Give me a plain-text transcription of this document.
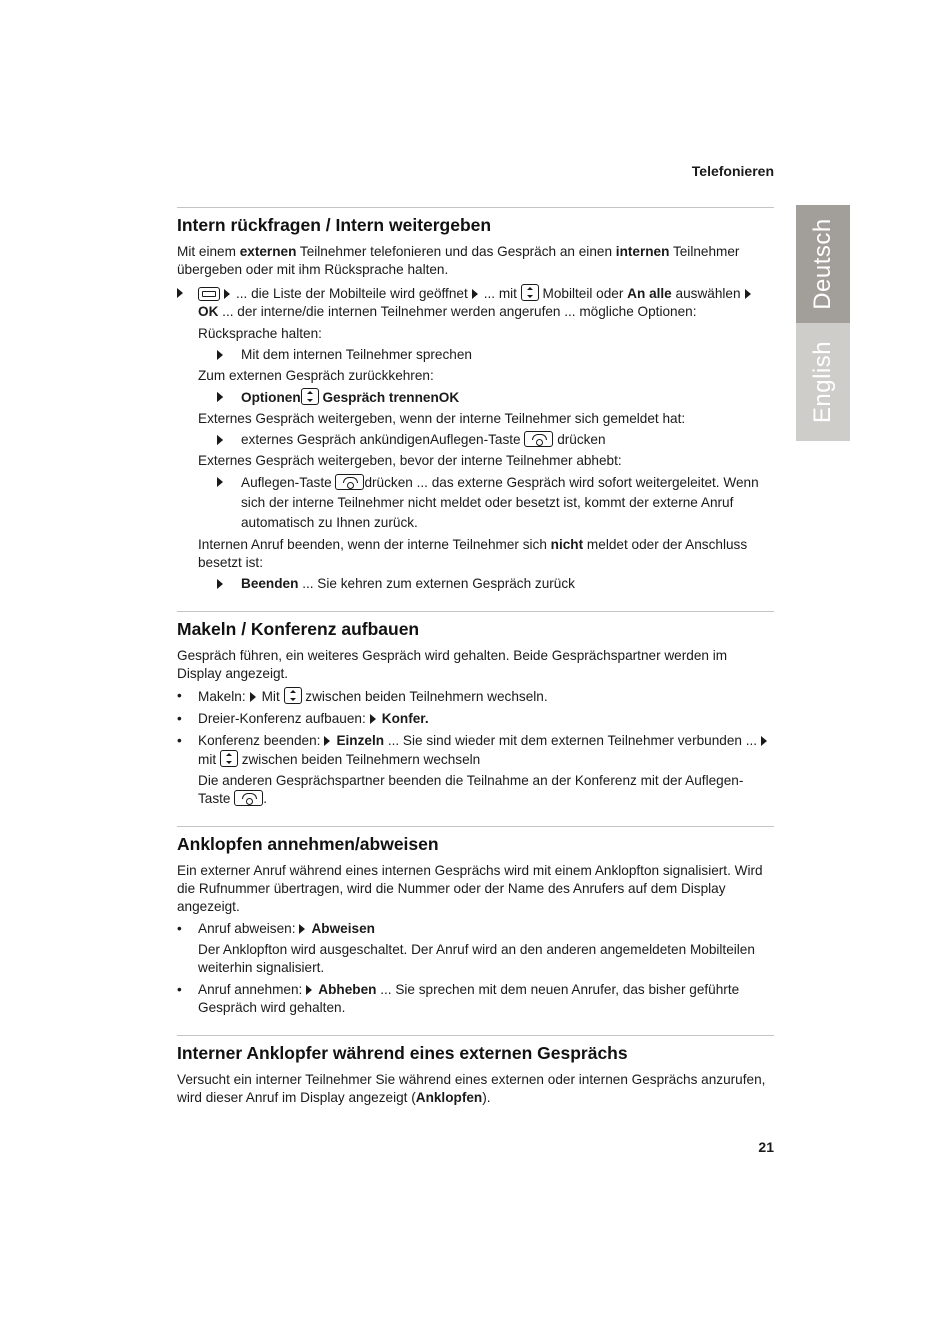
Telefonieren
Intern rückfragen / Intern weitergeben

Mit einem externen Teilnehmer telefonieren und das Gespräch an einen internen Teilnehmer übergeben oder mit ihm Rücksprache halten.

... die Liste der Mobilteile wird geöffnet ... mit Mobilteil oder An alle auswählenOK ... der interne/die internen Teilnehmer werden angerufen ... mögliche Optionen:

Rücksprache halten:

Mit dem internen Teilnehmer sprechen

Zum externen Gespräch zurückkehren:

Optionen Gespräch trennen
OK

Externes Gespräch weitergeben, wenn der interne Teilnehmer sich gemeldet hat:

externes Gespräch ankündigen
Auflegen-Taste	drücken

Externes Gespräch weitergeben, bevor der interne Teilnehmer abhebt:

Auflegen-Taste drücken ... das externe Gespräch wird sofort weitergeleitet. Wenn sich der interne Teilnehmer nicht meldet oder besetzt ist, kommt der externe Anruf automatisch zu Ihnen zurück.

Internen Anruf beenden, wenn der interne Teilnehmer sich nicht meldet oder der Anschluss besetzt ist:

Beenden ... Sie kehren zum externen Gespräch zurück

Makeln / Konferenz aufbauen

Gespräch führen, ein weiteres Gespräch wird gehalten. Beide Gesprächspartner werden im Display angezeigt.

• Makeln: Mit zwischen beiden Teilnehmern wechseln.

• Dreier-Konferenz aufbauen: Konfer.

• Konferenz beenden: Einzeln ... Sie sind wieder mit dem externen Teilnehmer verbunden ...mit zwischen beiden Teilnehmern wechseln

Die anderen Gesprächspartner beenden die Teilnahme an der Konferenz mit der Auflegen-Taste .

Anklopfen annehmen/abweisen

Ein externer Anruf während eines internen Gesprächs wird mit einem Anklopfton signalisiert. Wird die Rufnummer übertragen, wird die Nummer oder der Name des Anrufers auf dem Display angezeigt.

• Anruf abweisen: Abweisen

Der Anklopfton wird ausgeschaltet. Der Anruf wird an den anderen angemeldeten Mobilteilen weiterhin signalisiert.

• Anruf annehmen: Abheben ... Sie sprechen mit dem neuen Anrufer, das bisher geführte Gespräch wird gehalten.

Interner Anklopfer während eines externen Gesprächs

Versucht ein interner Teilnehmer Sie während eines externen oder internen Gesprächs anzurufen, wird dieser Anruf im Display angezeigt (Anklopfen).

Deutsch
English
21
